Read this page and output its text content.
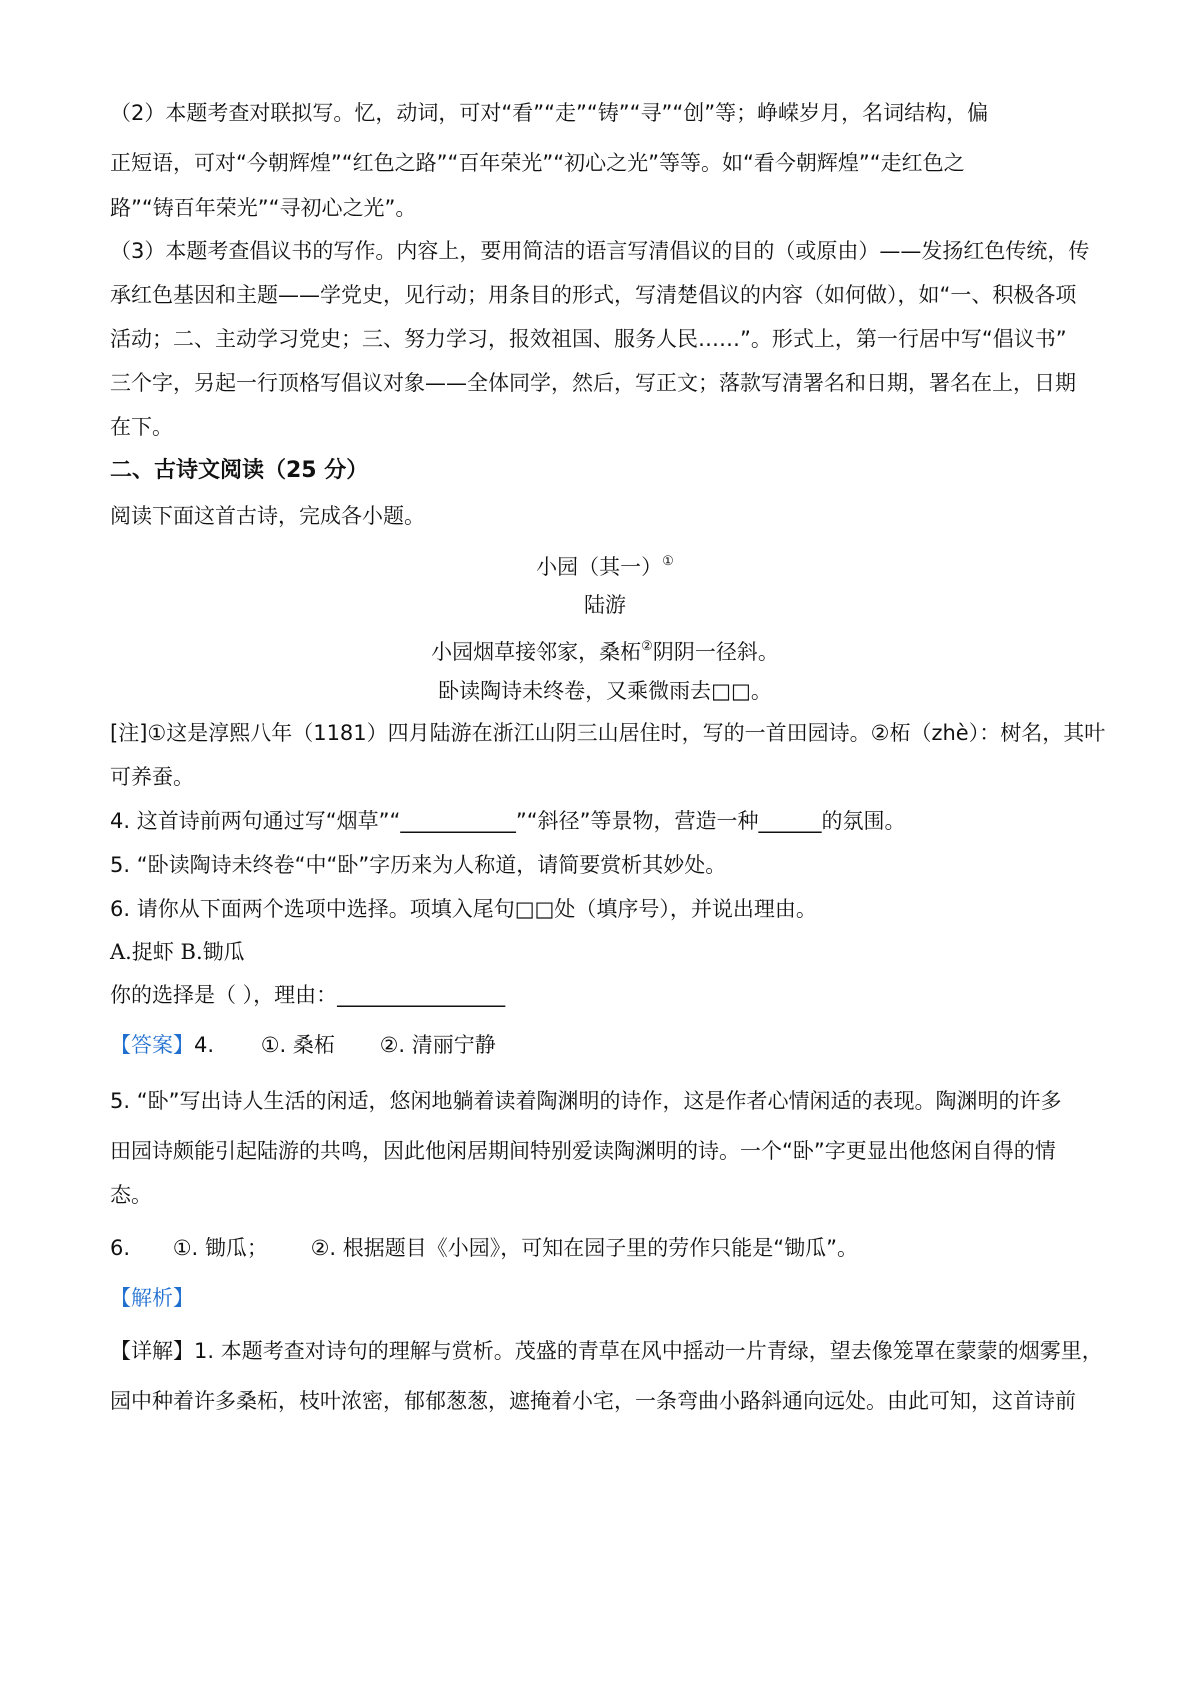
（2）本题考查对联拟写。忆，动词，可对“看”“走”“铸”“寻”“创”等；峥嵘岁月，名词结构，偏
正短语，可对“今朝辉煌”“红色之路”“百年荣光”“初心之光”等等。如“看今朝辉煌”“走红色之
路”“铸百年荣光”“寻初心之光”。
（3）本题考查倡议书的写作。内容上，要用简洁的语言写清倡议的目的（或原由）——发扬红色传统，传
承红色基因和主题——学党史，见行动；用条目的形式，写清楚倡议的内容（如何做），如“一、积极各项
活动；二、主动学习党史；三、努力学习，报效祖国、服务人民……”。形式上，第一行居中写“倡议书”
三个字，另起一行顶格写倡议对象——全体同学，然后，写正文；落款写清署名和日期，署名在上，日期
在下。
二、古诗文阅读（25 分）
阅读下面这首古诗，完成各小题。
小园（其一）①
陆游
小园烟草接邻家，桑柘②阴阴一径斜。
卧读陶诗未终卷，又乘微雨去□□。
[注]①这是淳熙八年（1181）四月陆游在浙江山阴三山居住时，写的一首田园诗。②柘（zhè）：树名，其叶
可养蚕。
4. 这首诗前两句通过写“烟草”“___________”“斜径”等景物，营造一种______的氛围。
5. “卧读陶诗未终卷“中“卧”字历来为人称道，请简要赏析其妙处。
6. 请你从下面两个选项中选择。项填入尾句□□处（填序号），并说出理由。
A.捉虾 B.锄瓜
你的选择是（ ），理由：________________
【答案】4. ①. 桑柘 ②. 清丽宁静
5. “卧”写出诗人生活的闲适，悠闲地躺着读着陶渊明的诗作，这是作者心情闲适的表现。陶渊明的许多
田园诗颇能引起陆游的共鸣，因此他闲居期间特别爱读陶渊明的诗。一个“卧”字更显出他悠闲自得的情
态。
6. ①. 锄瓜； ②. 根据题目《小园》，可知在园子里的劳作只能是“锄瓜”。
【解析】
【详解】1. 本题考查对诗句的理解与赏析。茂盛的青草在风中摇动一片青绿，望去像笼罩在蒙蒙的烟雾里，
园中种着许多桑柘，枝叶浓密，郁郁葱葱，遮掩着小宅，一条弯曲小路斜通向远处。由此可知，这首诗前
